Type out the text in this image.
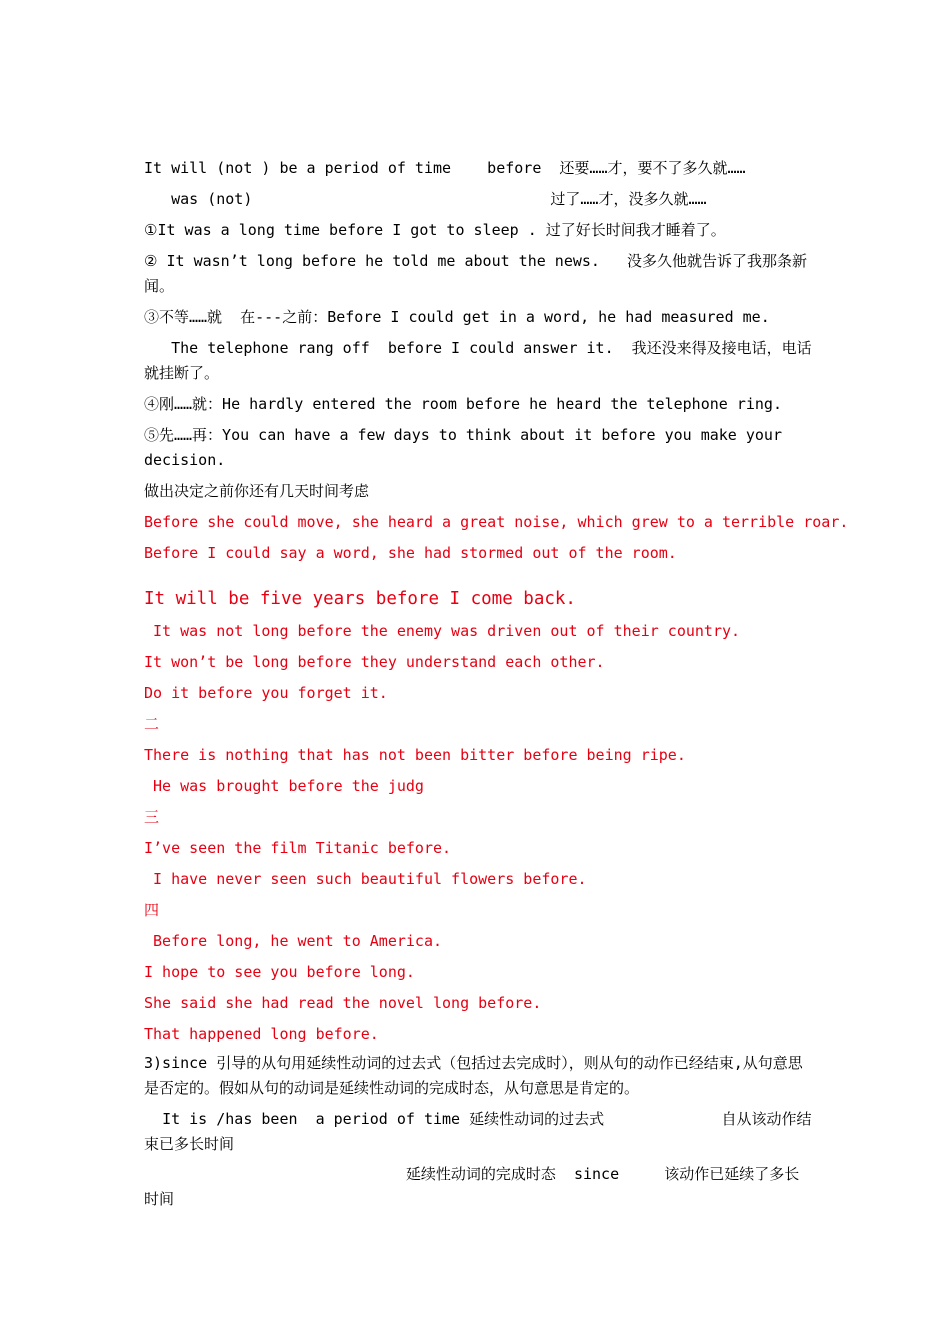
It will (not ) be a period of time    before  还要……才，要不了多久就……
was (not)                                 过了……才，没多久就……
①It was a long time before I got to sleep . 过了好长时间我才睡着了。
② It wasn’t long before he told me about the news.   没多久他就告诉了我那条新闻。
③不等……就  在---之前：Before I could get in a word, he had measured me.
The telephone rang off  before I could answer it.  我还没来得及接电话，电话就挂断了。
④刚……就：He hardly entered the room before he heard the telephone ring.
⑤先……再：You can have a few days to think about it before you make your decision.
做出决定之前你还有几天时间考虑
Before she could move, she heard a great noise, which grew to a terrible roar.
Before I could say a word, she had stormed out of the room.
It will be five years before I come back.
It was not long before the enemy was driven out of their country.
It won’t be long before they understand each other.
Do it before you forget it.
二
There is nothing that has not been bitter before being ripe.
He was brought before the judg
三
I’ve seen the film Titanic before.
I have never seen such beautiful flowers before.
四
Before long, he went to America.
I hope to see you before long.
She said she had read the novel long before.
That happened long before.
3)since 引导的从句用延续性动词的过去式（包括过去完成时），则从句的动作已经结束,从句意思是否定的。假如从句的动词是延续性动词的完成时态，从句意思是肯定的。
It is /has been  a period of time 延续性动词的过去式             自从该动作结束已多长时间
延续性动词的完成时态  since     该动作已延续了多长时间
